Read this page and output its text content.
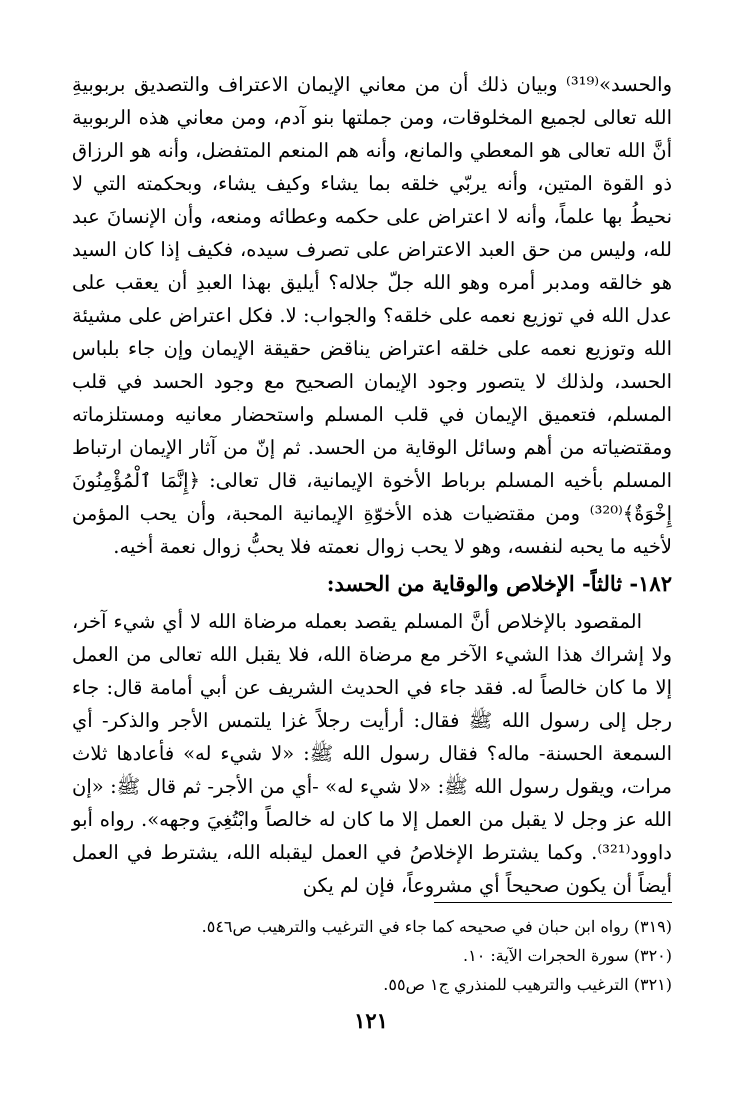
والحسد»⁽³¹⁹⁾ وبيان ذلك أن من معاني الإيمان الاعتراف والتصديق بربوبيةِ الله تعالى لجميع المخلوقات، ومن جملتها بنو آدم، ومن معاني هذه الربوبية أنَّ الله تعالى هو المعطي والمانع، وأنه هم المنعم المتفضل، وأنه هو الرزاق ذو القوة المتين، وأنه يربّي خلقه بما يشاء وكيف يشاء، وبحكمته التي لا نحيطُ بها علماً، وأنه لا اعتراض على حكمه وعطائه ومنعه، وأن الإنسانَ عبد لله، وليس من حق العبد الاعتراض على تصرف سيده، فكيف إذا كان السيد هو خالقه ومدبر أمره وهو الله جلّ جلاله؟ أيليق بهذا العبدِ أن يعقب على عدل الله في توزيع نعمه على خلقه؟ والجواب: لا. فكل اعتراض على مشيئة الله وتوزيع نعمه على خلقه اعتراض يناقض حقيقة الإيمان وإن جاء بلباس الحسد، ولذلك لا يتصور وجود الإيمان الصحيح مع وجود الحسد في قلب المسلم، فتعميق الإيمان في قلب المسلم واستحضار معانيه ومستلزماته ومقتضياته من أهم وسائل الوقاية من الحسد. ثم إنّ من آثار الإيمان ارتباط المسلم بأخيه المسلم برباط الأخوة الإيمانية، قال تعالى: ﴿إِنَّمَا ٱلْمُؤْمِنُونَ إِخْوَةٌ﴾⁽³²⁰⁾ ومن مقتضيات هذه الأخوّةِ الإيمانية المحبة، وأن يحب المؤمن لأخيه ما يحبه لنفسه، وهو لا يحب زوال نعمته فلا يحبُّ زوال نعمة أخيه.

١٨٢- ثالثاً- الإخلاص والوقاية من الحسد:

المقصود بالإخلاص أنَّ المسلم يقصد بعمله مرضاة الله لا أي شيء آخر، ولا إشراك هذا الشيء الآخر مع مرضاة الله، فلا يقبل الله تعالى من العمل إلا ما كان خالصاً له. فقد جاء في الحديث الشريف عن أبي أمامة قال: جاء رجل إلى رسول الله ﷺ فقال: أرأيت رجلاً غزا يلتمس الأجر والذكر- أي السمعة الحسنة- ماله؟ فقال رسول الله ﷺ: «لا شيء له» فأعادها ثلاث مرات، ويقول رسول الله ﷺ: «لا شيء له» -أي من الأجر- ثم قال ﷺ: «إن الله عز وجل لا يقبل من العمل إلا ما كان له خالصاً وابْتُغِيَ وجهه». رواه أبو داوود⁽³²¹⁾. وكما يشترط الإخلاصُ في العمل ليقبله الله، يشترط في العمل أيضاً أن يكون صحيحاً أي مشروعاً، فإن لم يكن

(٣١٩) رواه ابن حبان في صحيحه كما جاء في الترغيب والترهيب ص٥٤٦.

(٣٢٠) سورة الحجرات الآية: ١٠.

(٣٢١) الترغيب والترهيب للمنذري ج١ ص٥٥.

١٢١
